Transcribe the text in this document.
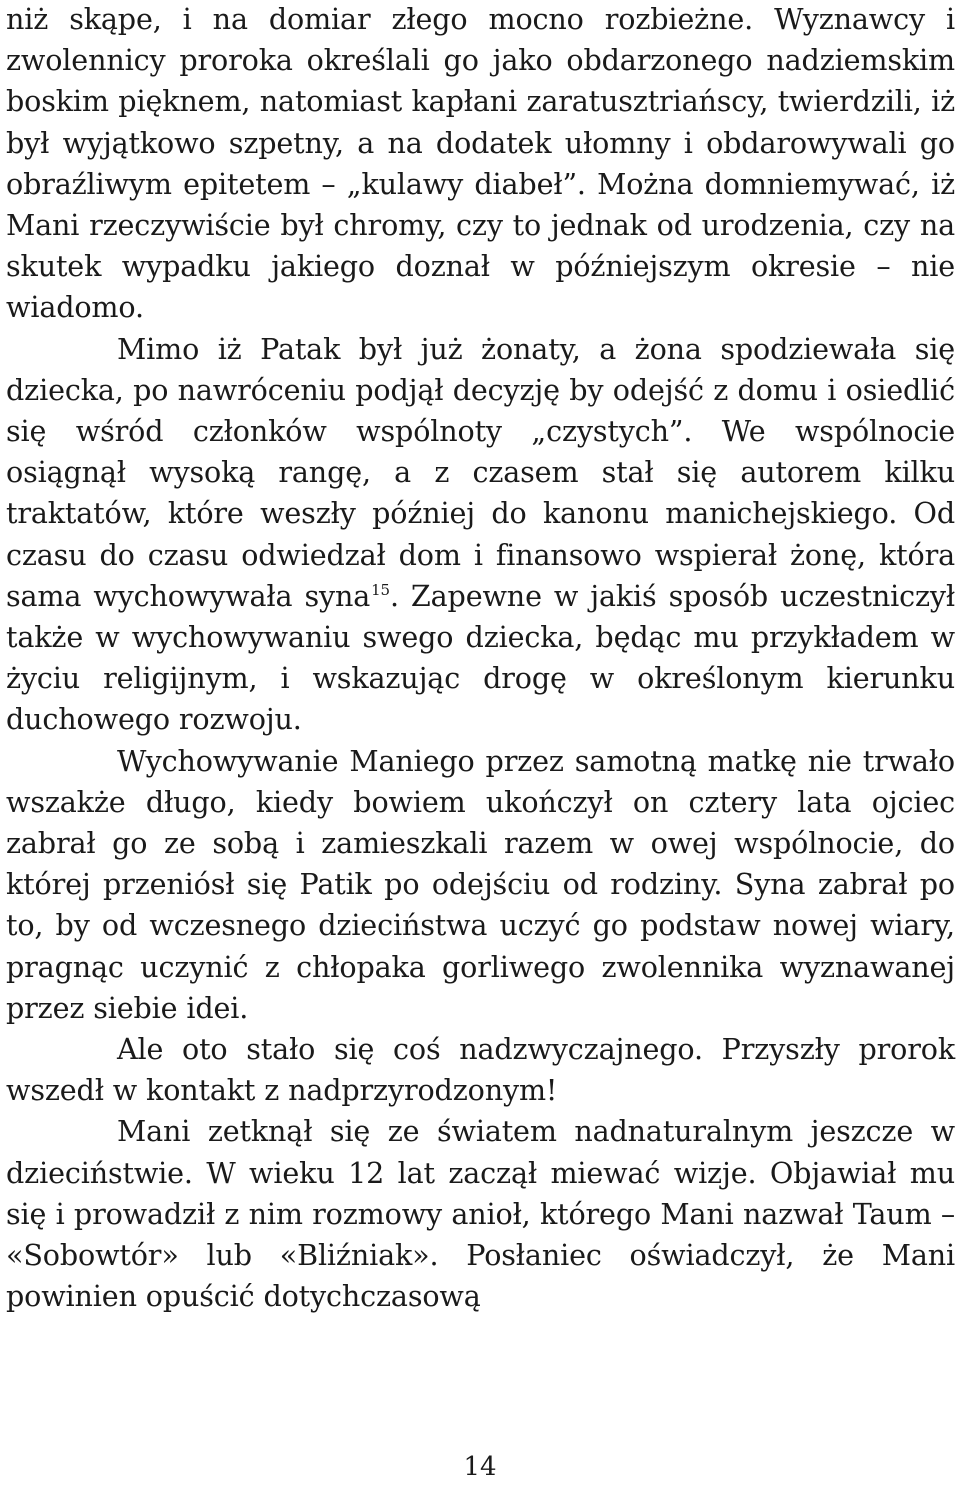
niż skąpe, i na domiar złego mocno rozbieżne. Wyznawcy i zwolennicy proroka określali go jako obdarzonego nadziemskim boskim pięknem, natomiast kapłani zaratusztriańscy, twierdzili, iż był wyjątkowo szpetny, a na dodatek ułomny i obdarowywali go obraźliwym epitetem – „kulawy diabeł”. Można domniemywać, iż Mani rzeczywiście był chromy, czy to jednak od urodzenia, czy na skutek wypadku jakiego doznał w późniejszym okresie – nie wiadomo.

Mimo iż Patak był już żonaty, a żona spodziewała się dziecka, po nawróceniu podjął decyzję by odejść z domu i osiedlić się wśród członków wspólnoty „czystych”. We wspólnocie osiągnął wysoką rangę, a z czasem stał się autorem kilku traktatów, które weszły później do kanonu manichejskiego. Od czasu do czasu odwiedzał dom i finansowo wspierał żonę, która sama wychowywała syna$^{15}$. Zapewne w jakiś sposób uczestniczył także w wychowywaniu swego dziecka, będąc mu przykładem w życiu religijnym, i wskazując drogę w określonym kierunku duchowego rozwoju.

Wychowywanie Maniego przez samotną matkę nie trwało wszakże długo, kiedy bowiem ukończył on cztery lata ojciec zabrał go ze sobą i zamieszkali razem w owej wspólnocie, do której przeniósł się Patik po odejściu od rodziny. Syna zabrał po to, by od wczesnego dzieciństwa uczyć go podstaw nowej wiary, pragnąc uczynić z chłopaka gorliwego zwolennika wyznawanej przez siebie idei.

Ale oto stało się coś nadzwyczajnego. Przyszły prorok wszedł w kontakt z nadprzyrodzonym!

Mani zetknął się ze światem nadnaturalnym jeszcze w dzieciństwie. W wieku 12 lat zaczął miewać wizje. Objawiał mu się i prowadził z nim rozmowy anioł, którego Mani nazwał Taum – «Sobowtór» lub «Bliźniak». Posłaniec oświadczył, że Mani powinien opuścić dotychczasową

14
